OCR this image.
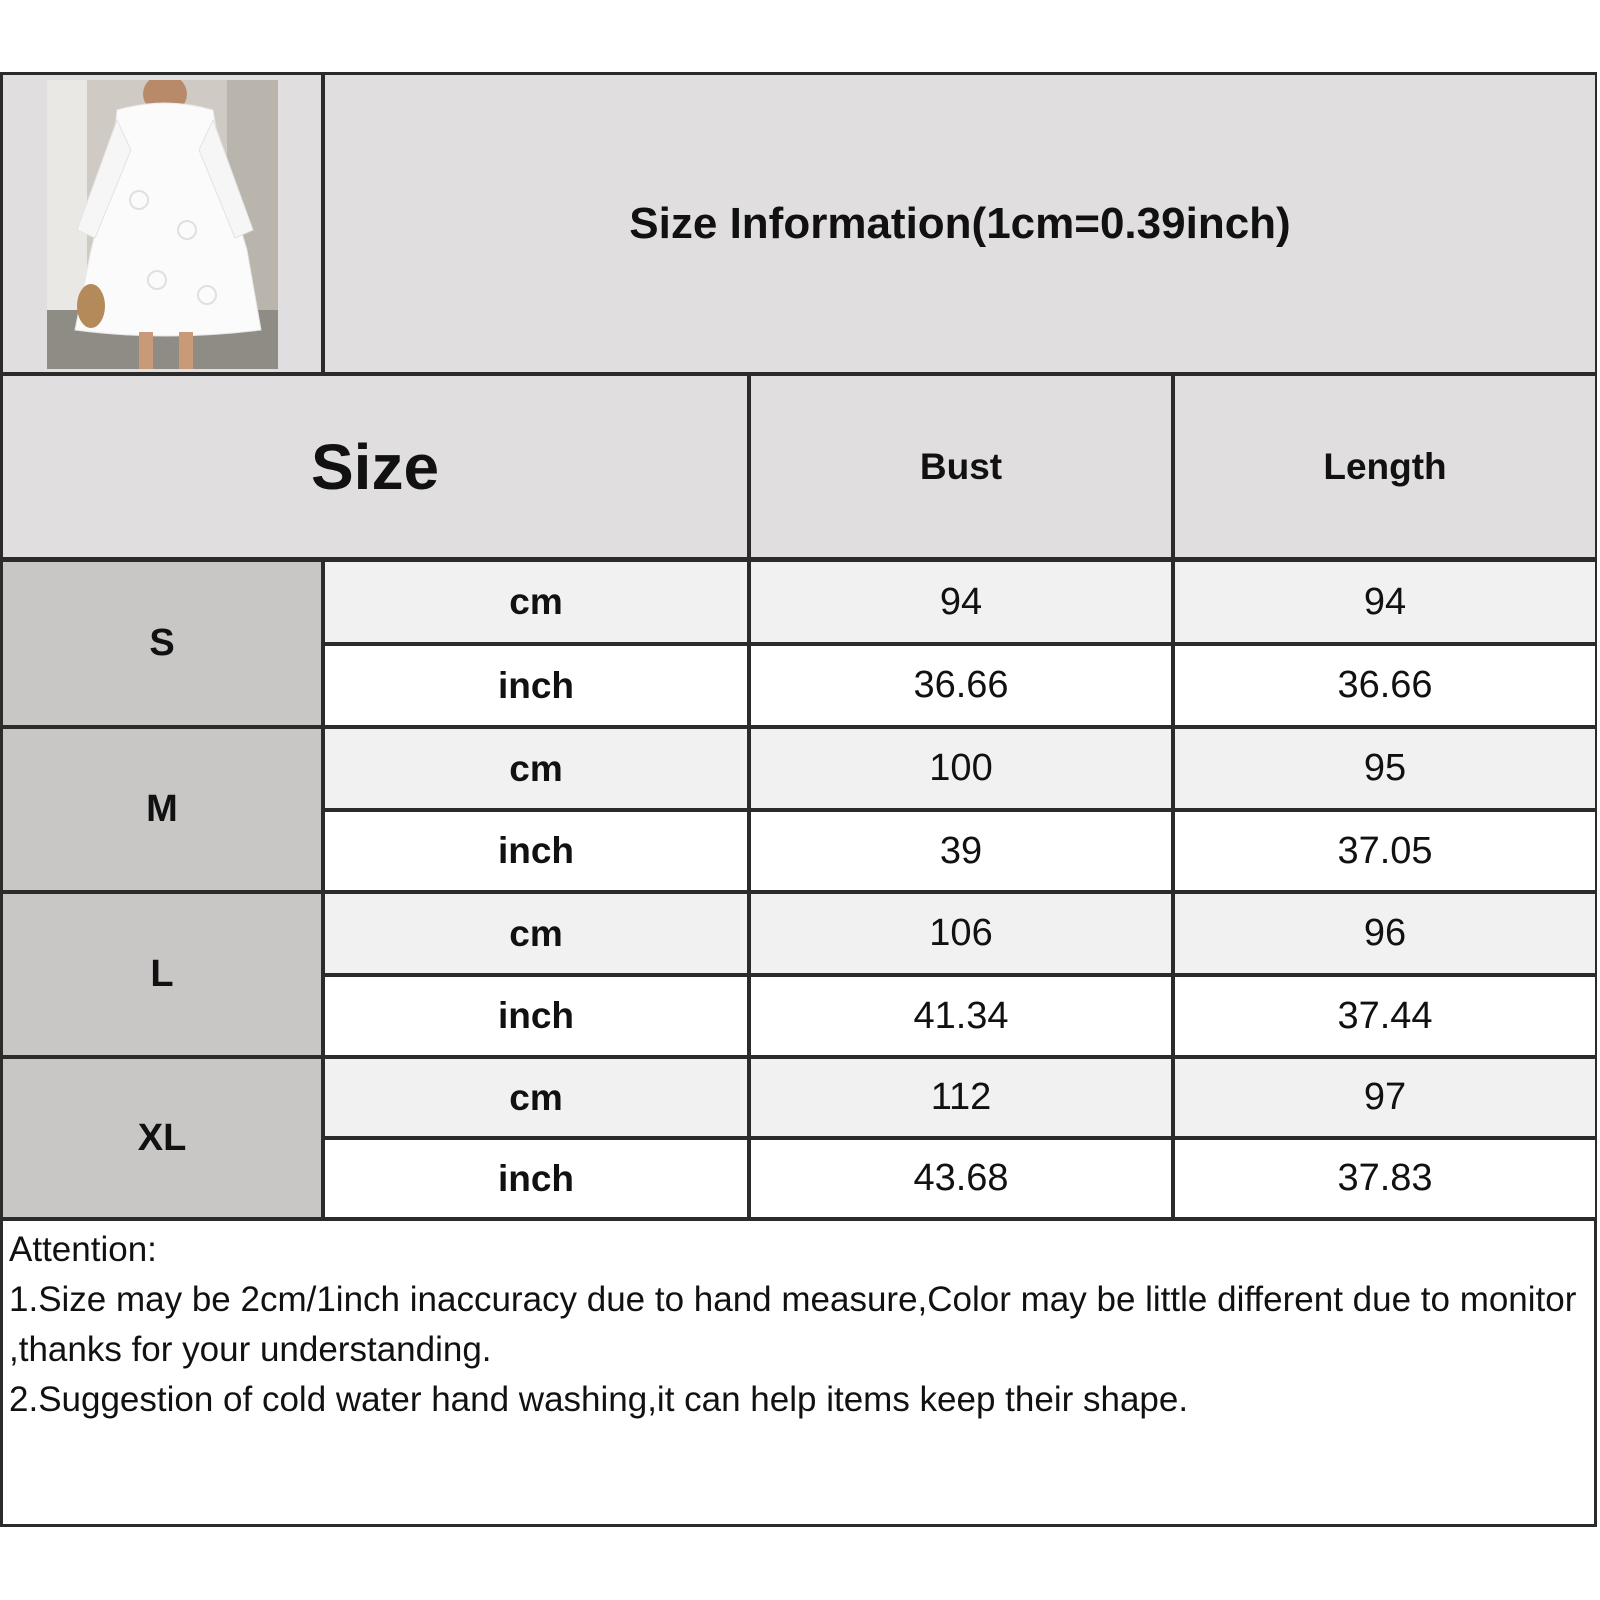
Size Information(1cm=0.39inch)
Size	Bust	Length
S
cm	94	94
inch	36.66	36.66
M
cm	100	95
inch	39	37.05
L
cm	106	96
inch	41.34	37.44
XL
cm	112	97
inch	43.68	37.83

Attention:

1.Size may be 2cm/1inch inaccuracy due to hand measure,Color may be little different due to monitor ,thanks for your understanding.

2.Suggestion of cold water hand washing,it can help items keep their shape.
